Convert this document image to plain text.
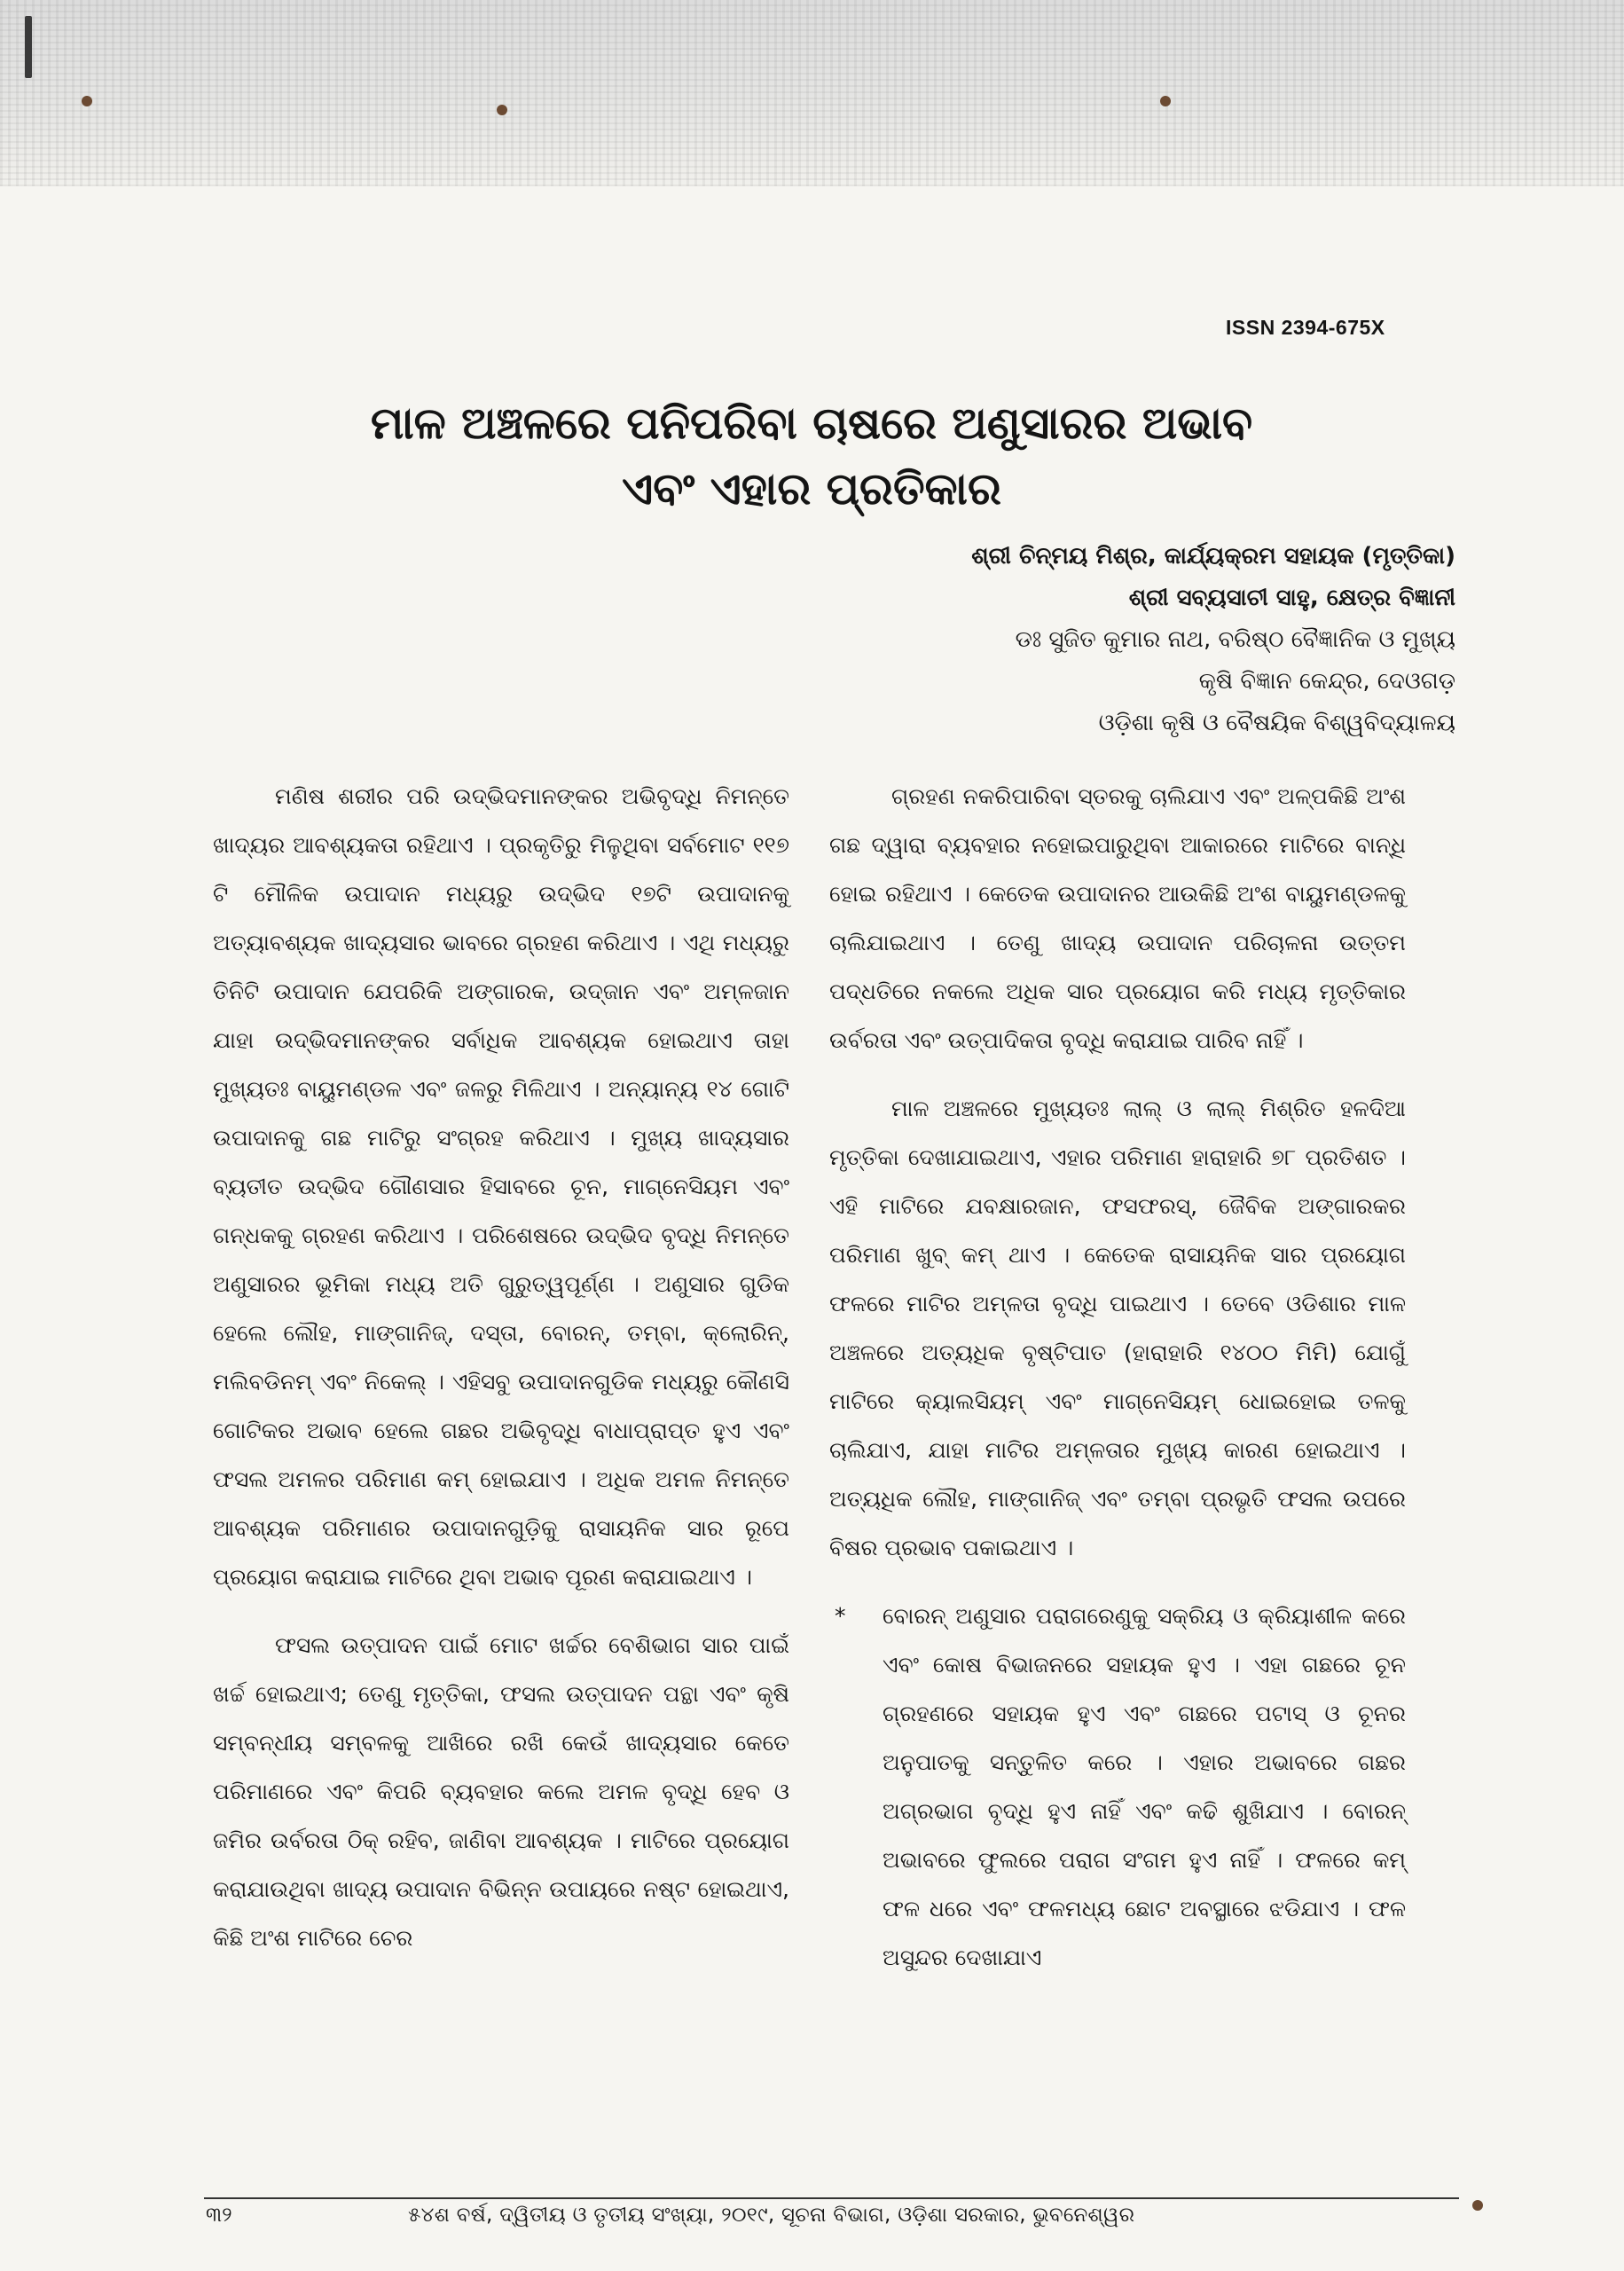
ISSN 2394-675X
ମାଳ ଅଞ୍ଚଳରେ ପନିପରିବା ଚାଷରେ ଅଣୁସାରର ଅଭାବ
ଏବଂ ଏହାର ପ୍ରତିକାର
ଶ୍ରୀ ଚିନ୍ମୟ ମିଶ୍ର, କାର୍ଯ୍ୟକ୍ରମ ସହାୟକ (ମୃତ୍ତିକା)
ଶ୍ରୀ ସବ୍ୟସାଚୀ ସାହୁ, କ୍ଷେତ୍ର ବିଜ୍ଞାନୀ
ଡଃ ସୁଜିତ କୁମାର ନାଥ, ବରିଷ୍ଠ ବୈଜ୍ଞାନିକ ଓ ମୁଖ୍ୟ
କୃଷି ବିଜ୍ଞାନ କେନ୍ଦ୍ର, ଦେଓଗଡ଼
ଓଡ଼ିଶା କୃଷି ଓ ବୈଷୟିକ ବିଶ୍ୱବିଦ୍ୟାଳୟ

ମଣିଷ ଶରୀର ପରି ଉଦ୍ଭିଦମାନଙ୍କର ଅଭିବୃଦ୍ଧି ନିମନ୍ତେ ଖାଦ୍ୟର ଆବଶ୍ୟକତା ରହିଥାଏ । ପ୍ରକୃତିରୁ ମିଳୁଥିବା ସର୍ବମୋଟ ୧୧୭ ଟି ମୌଳିକ ଉପାଦାନ ମଧ୍ୟରୁ ଉଦ୍ଭିଦ ୧୭ଟି ଉପାଦାନକୁ ଅତ୍ୟାବଶ୍ୟକ ଖାଦ୍ୟସାର ଭାବରେ ଗ୍ରହଣ କରିଥାଏ । ଏଥି ମଧ୍ୟରୁ ତିନିଟି ଉପାଦାନ ଯେପରିକି ଅଙ୍ଗାରକ, ଉଦ୍‌ଜାନ ଏବଂ ଅମ୍ଳଜାନ ଯାହା ଉଦ୍ଭିଦମାନଙ୍କର ସର୍ବାଧିକ ଆବଶ୍ୟକ ହୋଇଥାଏ ତାହା ମୁଖ୍ୟତଃ ବାୟୁମଣ୍ଡଳ ଏବଂ ଜଳରୁ ମିଳିଥାଏ । ଅନ୍ୟାନ୍ୟ ୧୪ ଗୋଟି ଉପାଦାନକୁ ଗଛ ମାଟିରୁ ସଂଗ୍ରହ କରିଥାଏ । ମୁଖ୍ୟ ଖାଦ୍ୟସାର ବ୍ୟତୀତ ଉଦ୍ଭିଦ ଗୌଣସାର ହିସାବରେ ଚୂନ, ମାଗ୍ନେସିୟମ ଏବଂ ଗନ୍ଧକକୁ ଗ୍ରହଣ କରିଥାଏ । ପରିଶେଷରେ ଉଦ୍ଭିଦ ବୃଦ୍ଧି ନିମନ୍ତେ ଅଣୁସାରର ଭୂମିକା ମଧ୍ୟ ଅତି ଗୁରୁତ୍ୱପୂର୍ଣ୍ଣ । ଅଣୁସାର ଗୁଡିକ ହେଲେ ଲୌହ, ମାଙ୍ଗାନିଜ୍, ଦସ୍ତା, ବୋରନ୍, ତମ୍ବା, କ୍ଲୋରିନ୍, ମଲିବଡିନମ୍ ଏବଂ ନିକେଲ୍ । ଏହିସବୁ ଉପାଦାନଗୁଡିକ ମଧ୍ୟରୁ କୌଣସି ଗୋଟିକର ଅଭାବ ହେଲେ ଗଛର ଅଭିବୃଦ୍ଧି ବାଧାପ୍ରାପ୍ତ ହୁଏ ଏବଂ ଫସଲ ଅମଳର ପରିମାଣ କମ୍ ହୋଇଯାଏ । ଅଧିକ ଅମଳ ନିମନ୍ତେ ଆବଶ୍ୟକ ପରିମାଣର ଉପାଦାନଗୁଡ଼ିକୁ ରାସାୟନିକ ସାର ରୂପେ ପ୍ରୟୋଗ କରାଯାଇ ମାଟିରେ ଥିବା ଅଭାବ ପୂରଣ କରାଯାଇଥାଏ ।

ଫସଲ ଉତ୍ପାଦନ ପାଇଁ ମୋଟ ଖର୍ଚ୍ଚର ବେଶିଭାଗ ସାର ପାଇଁ ଖର୍ଚ୍ଚ ହୋଇଥାଏ; ତେଣୁ ମୃତ୍ତିକା, ଫସଲ ଉତ୍ପାଦନ ପନ୍ଥା ଏବଂ କୃଷି ସମ୍ବନ୍ଧୀୟ ସମ୍ବଳକୁ ଆଖିରେ ରଖି କେଉଁ ଖାଦ୍ୟସାର କେତେ ପରିମାଣରେ ଏବଂ କିପରି ବ୍ୟବହାର କଲେ ଅମଳ ବୃଦ୍ଧି ହେବ ଓ ଜମିର ଉର୍ବରତା ଠିକ୍ ରହିବ, ଜାଣିବା ଆବଶ୍ୟକ । ମାଟିରେ ପ୍ରୟୋଗ କରାଯାଉଥିବା ଖାଦ୍ୟ ଉପାଦାନ ବିଭିନ୍ନ ଉପାୟରେ ନଷ୍ଟ ହୋଇଥାଏ, କିଛି ଅଂଶ ମାଟିରେ ଚେର

ଗ୍ରହଣ ନକରିପାରିବା ସ୍ତରକୁ ଚାଲିଯାଏ ଏବଂ ଅଳ୍ପକିଛି ଅଂଶ ଗଛ ଦ୍ୱାରା ବ୍ୟବହାର ନହୋଇପାରୁଥିବା ଆକାରରେ ମାଟିରେ ବାନ୍ଧି ହୋଇ ରହିଥାଏ । କେତେକ ଉପାଦାନର ଆଉକିଛି ଅଂଶ ବାୟୁମଣ୍ଡଳକୁ ଚାଲିଯାଇଥାଏ । ତେଣୁ ଖାଦ୍ୟ ଉପାଦାନ ପରିଚାଳନା ଉତ୍ତମ ପଦ୍ଧତିରେ ନକଲେ ଅଧିକ ସାର ପ୍ରୟୋଗ କରି ମଧ୍ୟ ମୃତ୍ତିକାର ଉର୍ବରତା ଏବଂ ଉତ୍ପାଦିକତା ବୃଦ୍ଧି କରାଯାଇ ପାରିବ ନାହିଁ ।

ମାଳ ଅଞ୍ଚଳରେ ମୁଖ୍ୟତଃ ଲାଲ୍ ଓ ଲାଲ୍ ମିଶ୍ରିତ ହଳଦିଆ ମୃତ୍ତିକା ଦେଖାଯାଇଥାଏ, ଏହାର ପରିମାଣ ହାରାହାରି ୭୮ ପ୍ରତିଶତ । ଏହି ମାଟିରେ ଯବକ୍ଷାରଜାନ, ଫସଫରସ୍, ଜୈବିକ ଅଙ୍ଗାରକର ପରିମାଣ ଖୁବ୍ କମ୍ ଥାଏ । କେତେକ ରାସାୟନିକ ସାର ପ୍ରୟୋଗ ଫଳରେ ମାଟିର ଅମ୍ଳତା ବୃଦ୍ଧି ପାଇଥାଏ । ତେବେ ଓଡିଶାର ମାଳ ଅଞ୍ଚଳରେ ଅତ୍ୟଧିକ ବୃଷ୍ଟିପାତ (ହାରାହାରି ୧୪୦୦ ମିମି) ଯୋଗୁଁ ମାଟିରେ କ୍ୟାଲସିୟମ୍ ଏବଂ ମାଗ୍ନେସିୟମ୍ ଧୋଇହୋଇ ତଳକୁ ଚାଲିଯାଏ, ଯାହା ମାଟିର ଅମ୍ଳତାର ମୁଖ୍ୟ କାରଣ ହୋଇଥାଏ । ଅତ୍ୟଧିକ ଲୌହ, ମାଙ୍ଗାନିଜ୍ ଏବଂ ତମ୍ବା ପ୍ରଭୃତି ଫସଲ ଉପରେ ବିଷର ପ୍ରଭାବ ପକାଇଥାଏ ।

* ବୋରନ୍ ଅଣୁସାର ପରାଗରେଣୁକୁ ସକ୍ରିୟ ଓ କ୍ରିୟାଶୀଳ କରେ ଏବଂ କୋଷ ବିଭାଜନରେ ସହାୟକ ହୁଏ । ଏହା ଗଛରେ ଚୂନ ଗ୍ରହଣରେ ସହାୟକ ହୁଏ ଏବଂ ଗଛରେ ପଟାସ୍ ଓ ଚୂନର ଅନୁପାତକୁ ସନ୍ତୁଳିତ କରେ । ଏହାର ଅଭାବରେ ଗଛର ଅଗ୍ରଭାଗ ବୃଦ୍ଧି ହୁଏ ନାହିଁ ଏବଂ କଢି ଶୁଖିଯାଏ । ବୋରନ୍ ଅଭାବରେ ଫୁଲରେ ପରାଗ ସଂଗମ ହୁଏ ନାହିଁ । ଫଳରେ କମ୍ ଫଳ ଧରେ ଏବଂ ଫଳମଧ୍ୟ ଛୋଟ ଅବସ୍ଥାରେ ଝଡିଯାଏ । ଫଳ ଅସୁନ୍ଦର ଦେଖାଯାଏ
୩୨	୫୪ଶ ବର୍ଷ, ଦ୍ୱିତୀୟ ଓ ତୃତୀୟ ସଂଖ୍ୟା, ୨୦୧୯, ସୂଚନା ବିଭାଗ, ଓଡ଼ିଶା ସରକାର, ଭୁବନେଶ୍ୱର
